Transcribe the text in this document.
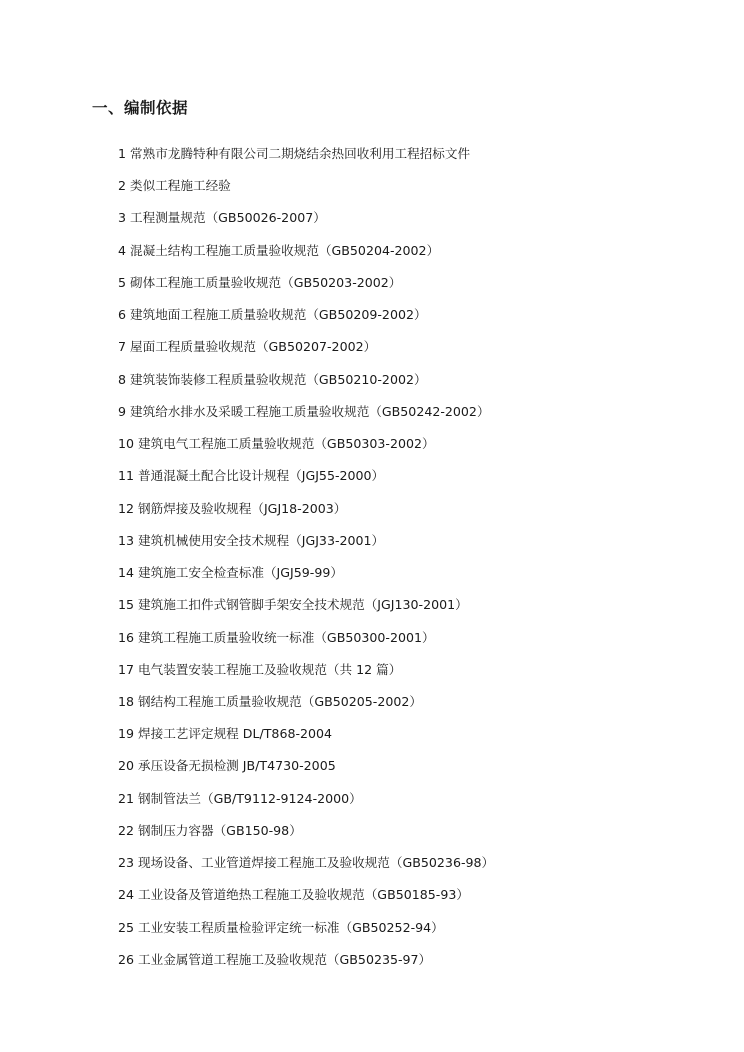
一、编制依据
1 常熟市龙腾特种有限公司二期烧结余热回收利用工程招标文件
2 类似工程施工经验
3 工程测量规范（GB50026-2007）
4 混凝土结构工程施工质量验收规范（GB50204-2002）
5 砌体工程施工质量验收规范（GB50203-2002）
6 建筑地面工程施工质量验收规范（GB50209-2002）
7 屋面工程质量验收规范（GB50207-2002）
8 建筑装饰装修工程质量验收规范（GB50210-2002）
9 建筑给水排水及采暖工程施工质量验收规范（GB50242-2002）
10 建筑电气工程施工质量验收规范（GB50303-2002）
11 普通混凝土配合比设计规程（JGJ55-2000）
12 钢筋焊接及验收规程（JGJ18-2003）
13 建筑机械使用安全技术规程（JGJ33-2001）
14 建筑施工安全检查标准（JGJ59-99）
15 建筑施工扣件式钢管脚手架安全技术规范（JGJ130-2001）
16 建筑工程施工质量验收统一标准（GB50300-2001）
17 电气装置安装工程施工及验收规范（共 12 篇）
18 钢结构工程施工质量验收规范（GB50205-2002）
19 焊接工艺评定规程 DL/T868-2004
20 承压设备无损检测 JB/T4730-2005
21 钢制管法兰（GB/T9112-9124-2000）
22 钢制压力容器（GB150-98）
23 现场设备、工业管道焊接工程施工及验收规范（GB50236-98）
24 工业设备及管道绝热工程施工及验收规范（GB50185-93）
25 工业安装工程质量检验评定统一标准（GB50252-94）
26 工业金属管道工程施工及验收规范（GB50235-97）
